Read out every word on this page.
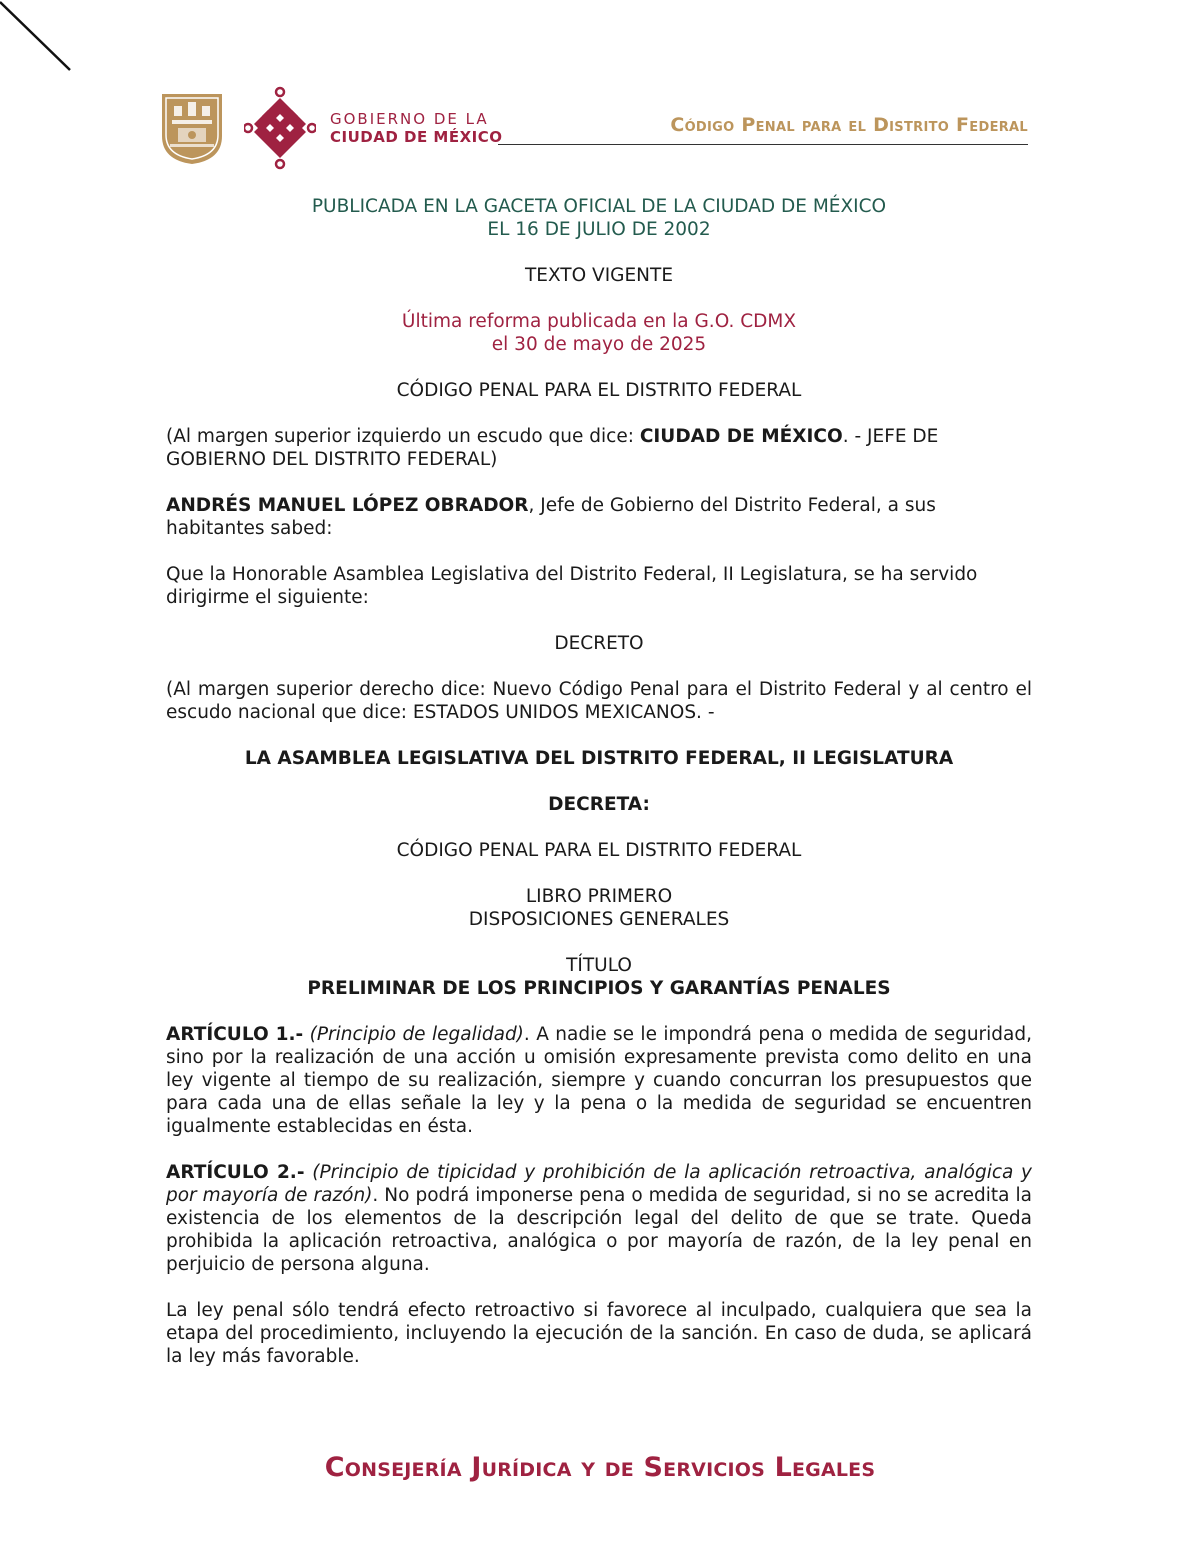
GOBIERNO DE LA
CIUDAD DE MÉXICO
Código Penal para el Distrito Federal

PUBLICADA EN LA GACETA OFICIAL DE LA CIUDAD DE MÉXICO

EL 16 DE JULIO DE 2002

TEXTO VIGENTE

Última reforma publicada en la G.O. CDMX

el 30 de mayo de 2025

CÓDIGO PENAL PARA EL DISTRITO FEDERAL

(Al margen superior izquierdo un escudo que dice: CIUDAD DE MÉXICO. - JEFE DE GOBIERNO DEL DISTRITO FEDERAL)

ANDRÉS MANUEL LÓPEZ OBRADOR, Jefe de Gobierno del Distrito Federal, a sus habitantes sabed:

Que la Honorable Asamblea Legislativa del Distrito Federal, II Legislatura, se ha servido dirigirme el siguiente:

DECRETO

(Al margen superior derecho dice: Nuevo Código Penal para el Distrito Federal y al centro el escudo nacional que dice: ESTADOS UNIDOS MEXICANOS. -

LA ASAMBLEA LEGISLATIVA DEL DISTRITO FEDERAL, II LEGISLATURA

DECRETA:

CÓDIGO PENAL PARA EL DISTRITO FEDERAL

LIBRO PRIMERO

DISPOSICIONES GENERALES

TÍTULO

PRELIMINAR DE LOS PRINCIPIOS Y GARANTÍAS PENALES

ARTÍCULO 1.- (Principio de legalidad). A nadie se le impondrá pena o medida de seguridad, sino por la realización de una acción u omisión expresamente prevista como delito en una ley vigente al tiempo de su realización, siempre y cuando concurran los presupuestos que para cada una de ellas señale la ley y la pena o la medida de seguridad se encuentren igualmente establecidas en ésta.

ARTÍCULO 2.- (Principio de tipicidad y prohibición de la aplicación retroactiva, analógica y por mayoría de razón). No podrá imponerse pena o medida de seguridad, si no se acredita la existencia de los elementos de la descripción legal del delito de que se trate. Queda prohibida la aplicación retroactiva, analógica o por mayoría de razón, de la ley penal en perjuicio de persona alguna.

La ley penal sólo tendrá efecto retroactivo si favorece al inculpado, cualquiera que sea la etapa del procedimiento, incluyendo la ejecución de la sanción. En caso de duda, se aplicará la ley más favorable.

Consejería Jurídica y de Servicios Legales
